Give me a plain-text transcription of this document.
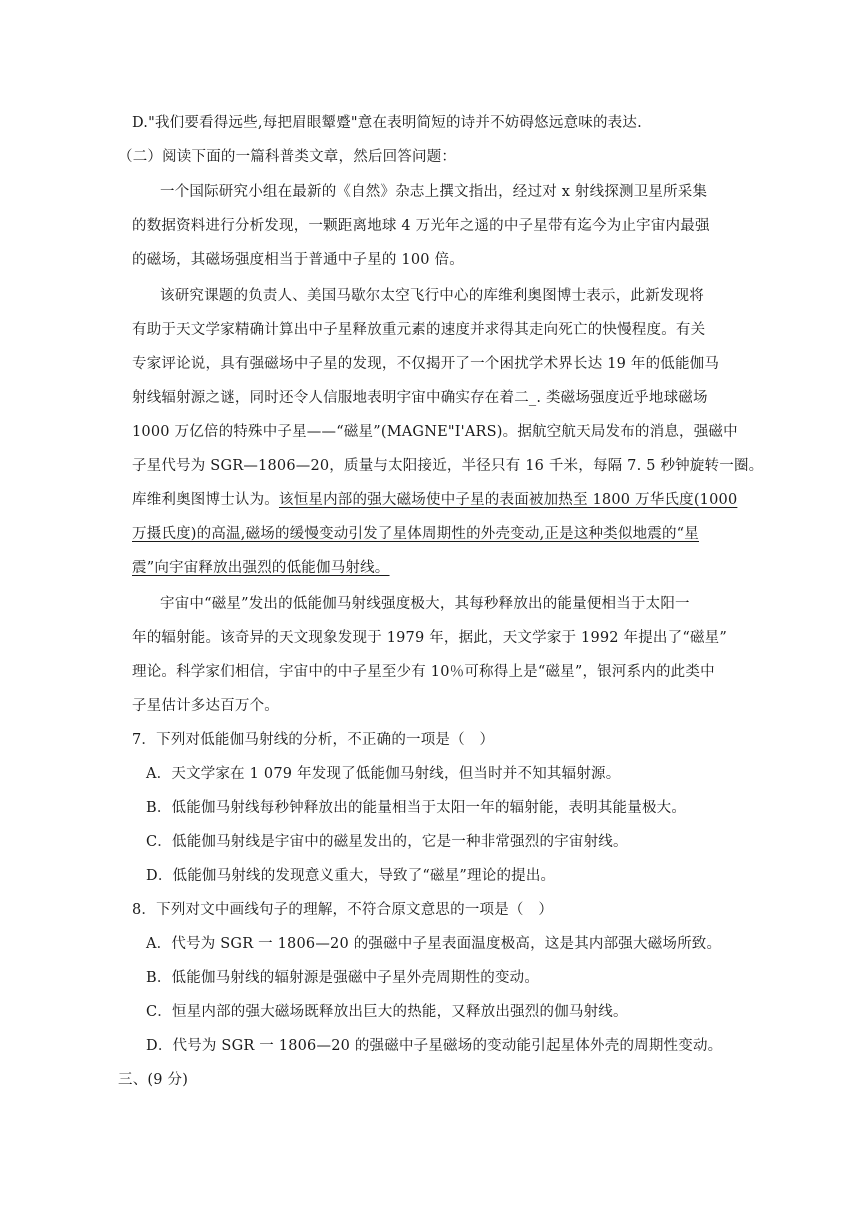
D."我们要看得远些,每把眉眼颦蹙"意在表明简短的诗并不妨碍悠远意味的表达.
（二）阅读下面的一篇科普类文章，然后回答问题：
一个国际研究小组在最新的《自然》杂志上撰文指出，经过对 x 射线探测卫星所采集
的数据资料进行分析发现，一颗距离地球 4 万光年之遥的中子星带有迄今为止宇宙内最强
的磁场，其磁场强度相当于普通中子星的 100 倍。
该研究课题的负责人、美国马歇尔太空飞行中心的库维利奥图博士表示，此新发现将
有助于天文学家精确计算出中子星释放重元素的速度并求得其走向死亡的快慢程度。有关
专家评论说，具有强磁场中子星的发现，不仅揭开了一个困扰学术界长达 19 年的低能伽马
射线辐射源之谜，同时还令人信服地表明宇宙中确实存在着二_. 类磁场强度近乎地球磁场
1000 万亿倍的特殊中子星——“磁星”(MAGNE"I'ARS)。据航空航天局发布的消息，强磁中
子星代号为 SGR—1806—20，质量与太阳接近，半径只有 16 千米，每隔 7. 5 秒钟旋转一圈。
库维利奥图博士认为。该恒星内部的强大磁场使中子星的表面被加热至 1800 万华氏度(1000
万摄氏度)的高温,磁场的缓慢变动引发了星体周期性的外壳变动,正是这种类似地震的“星
震”向宇宙释放出强烈的低能伽马射线。
宇宙中“磁星”发出的低能伽马射线强度极大，其每秒释放出的能量便相当于太阳一
年的辐射能。该奇异的天文现象发现于 1979 年，据此，天文学家于 1992 年提出了“磁星”
理论。科学家们相信，宇宙中的中子星至少有 10％可称得上是“磁星”，银河系内的此类中
子星估计多达百万个。
7．下列对低能伽马射线的分析，不正确的一项是（　）
A．天文学家在 1 079 年发现了低能伽马射线，但当时并不知其辐射源。
B．低能伽马射线每秒钟释放出的能量相当于太阳一年的辐射能，表明其能量极大。
C．低能伽马射线是宇宙中的磁星发出的，它是一种非常强烈的宇宙射线。
D．低能伽马射线的发现意义重大，导致了“磁星”理论的提出。
8．下列对文中画线句子的理解，不符合原文意思的一项是（　）
A．代号为 SGR 一 1806—20 的强磁中子星表面温度极高，这是其内部强大磁场所致。
B．低能伽马射线的辐射源是强磁中子星外壳周期性的变动。
C．恒星内部的强大磁场既释放出巨大的热能，又释放出强烈的伽马射线。
D．代号为 SGR 一 1806—20 的强磁中子星磁场的变动能引起星体外壳的周期性变动。
三、(9 分)
